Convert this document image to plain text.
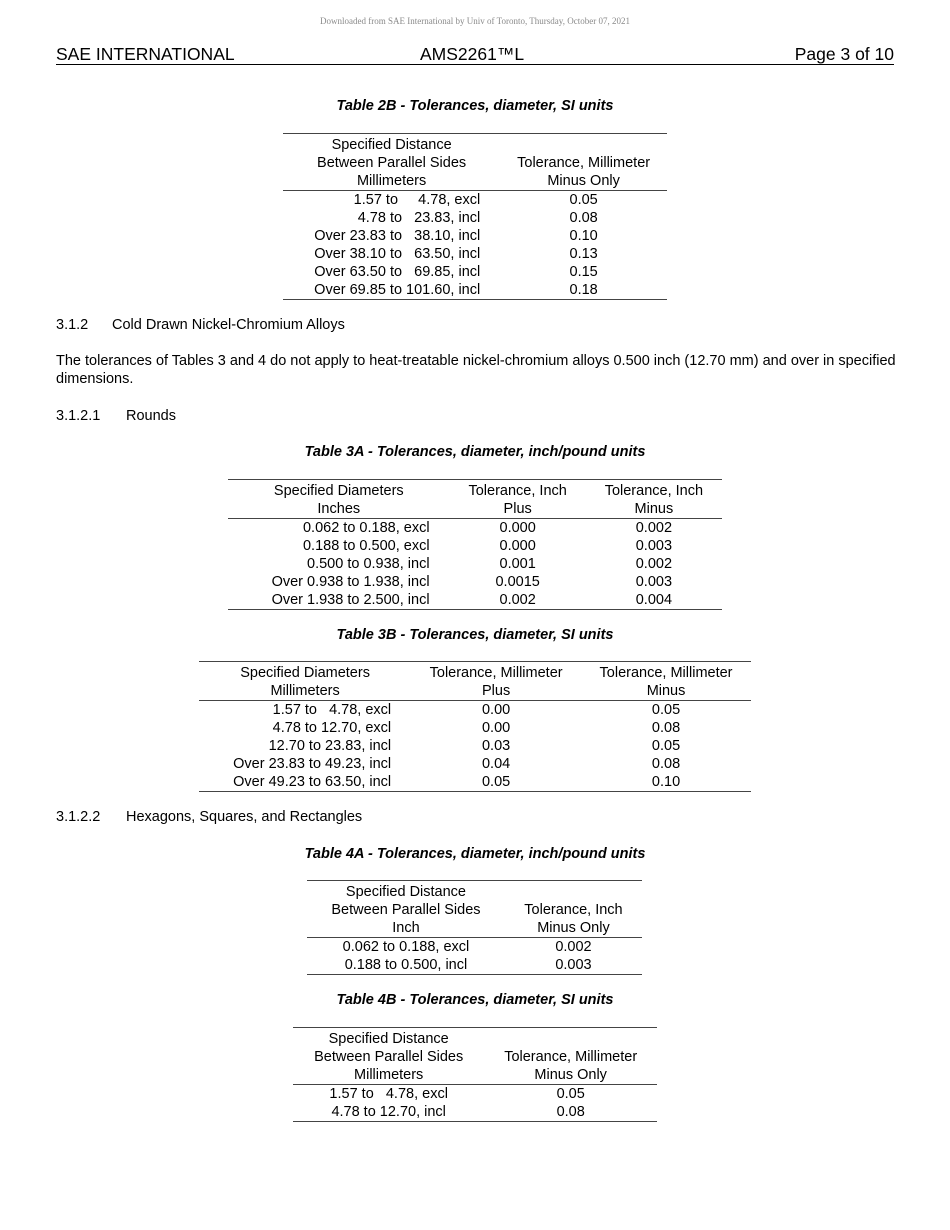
Downloaded from SAE International by Univ of Toronto, Thursday, October 07, 2021
SAE INTERNATIONAL	AMS2261™L	Page 3 of 10
Table 2B - Tolerances, diameter, SI units
Specified Distance	
Between Parallel Sides	Tolerance, Millimeter
Millimeters	Minus Only
1.57 to     4.78, excl	0.05
4.78 to   23.83, incl	0.08
Over 23.83 to   38.10, incl	0.10
Over 38.10 to   63.50, incl	0.13
Over 63.50 to   69.85, incl	0.15
Over 69.85 to 101.60, incl	0.18
3.1.2 Cold Drawn Nickel-Chromium Alloys
The tolerances of Tables 3 and 4 do not apply to heat-treatable nickel-chromium alloys 0.500 inch (12.70 mm) and over in specified dimensions.
3.1.2.1 Rounds
Table 3A - Tolerances, diameter, inch/pound units
Specified Diameters	Tolerance, Inch	Tolerance, Inch
Inches	Plus	Minus
0.062 to 0.188, excl	0.000	0.002
0.188 to 0.500, excl	0.000	0.003
0.500 to 0.938, incl	0.001	0.002
Over 0.938 to 1.938, incl	0.0015	0.003
Over 1.938 to 2.500, incl	0.002	0.004
Table 3B - Tolerances, diameter, SI units
Specified Diameters	Tolerance, Millimeter	Tolerance, Millimeter
Millimeters	Plus	Minus
1.57 to   4.78, excl	0.00	0.05
4.78 to 12.70, excl	0.00	0.08
12.70 to 23.83, incl	0.03	0.05
Over 23.83 to 49.23, incl	0.04	0.08
Over 49.23 to 63.50, incl	0.05	0.10
3.1.2.2 Hexagons, Squares, and Rectangles
Table 4A - Tolerances, diameter, inch/pound units
Specified Distance	
Between Parallel Sides	Tolerance, Inch
Inch	Minus Only
0.062 to 0.188, excl	0.002
0.188 to 0.500, incl	0.003
Table 4B - Tolerances, diameter, SI units
Specified Distance	
Between Parallel Sides	Tolerance, Millimeter
Millimeters	Minus Only
1.57 to   4.78, excl	0.05
4.78 to 12.70, incl	0.08
